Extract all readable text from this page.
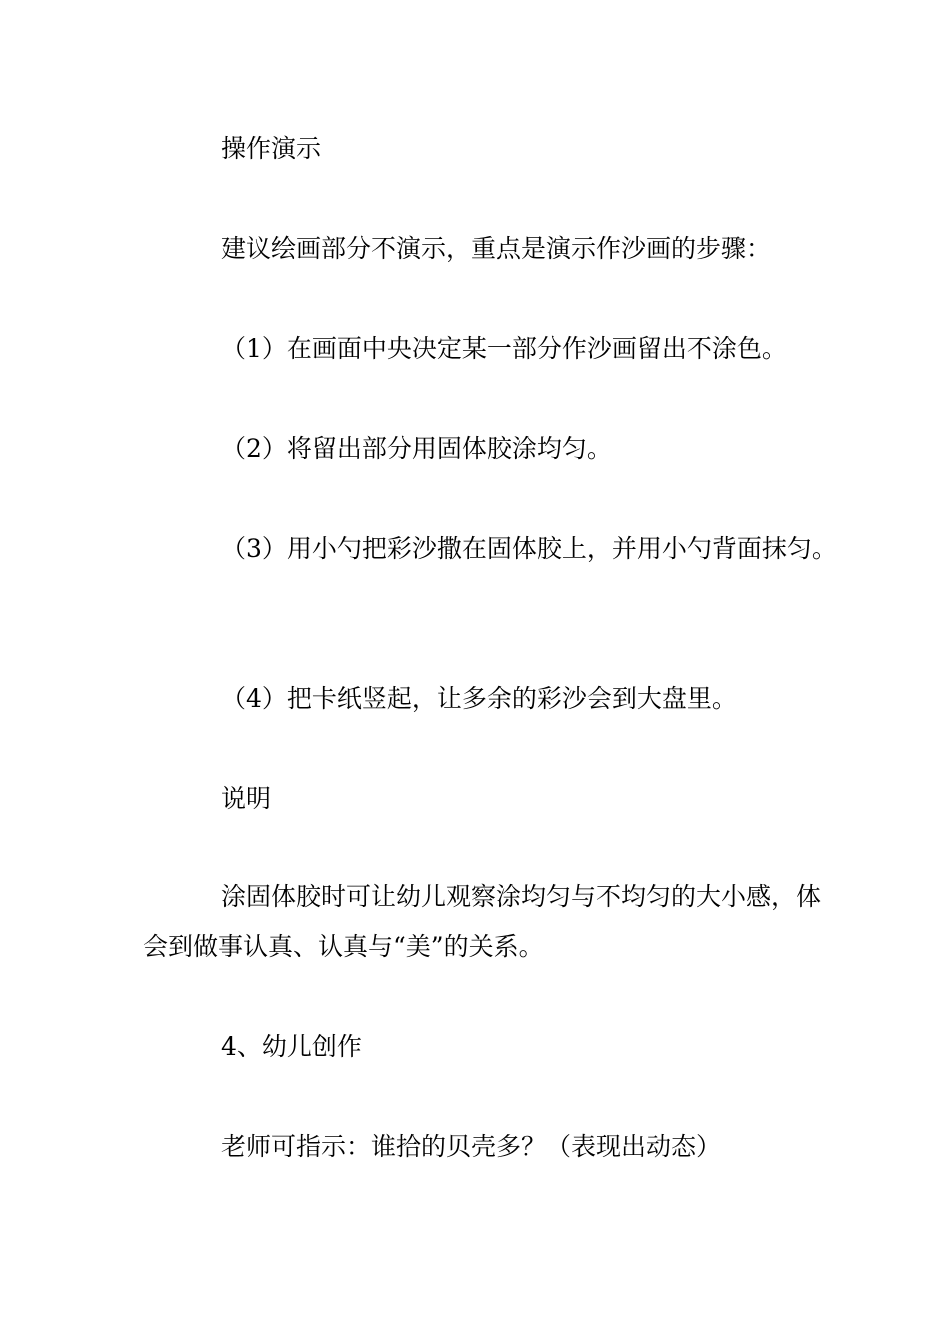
操作演示

建议绘画部分不演示，重点是演示作沙画的步骤：

（1）在画面中央决定某一部分作沙画留出不涂色。

（2）将留出部分用固体胶涂均匀。

（3）用小勺把彩沙撒在固体胶上，并用小勺背面抹匀。

（4）把卡纸竖起，让多余的彩沙会到大盘里。

说明

涂固体胶时可让幼儿观察涂均匀与不均匀的大小感，体会到做事认真、认真与“美”的关系。

4、幼儿创作

老师可指示：谁拾的贝壳多？（表现出动态）
